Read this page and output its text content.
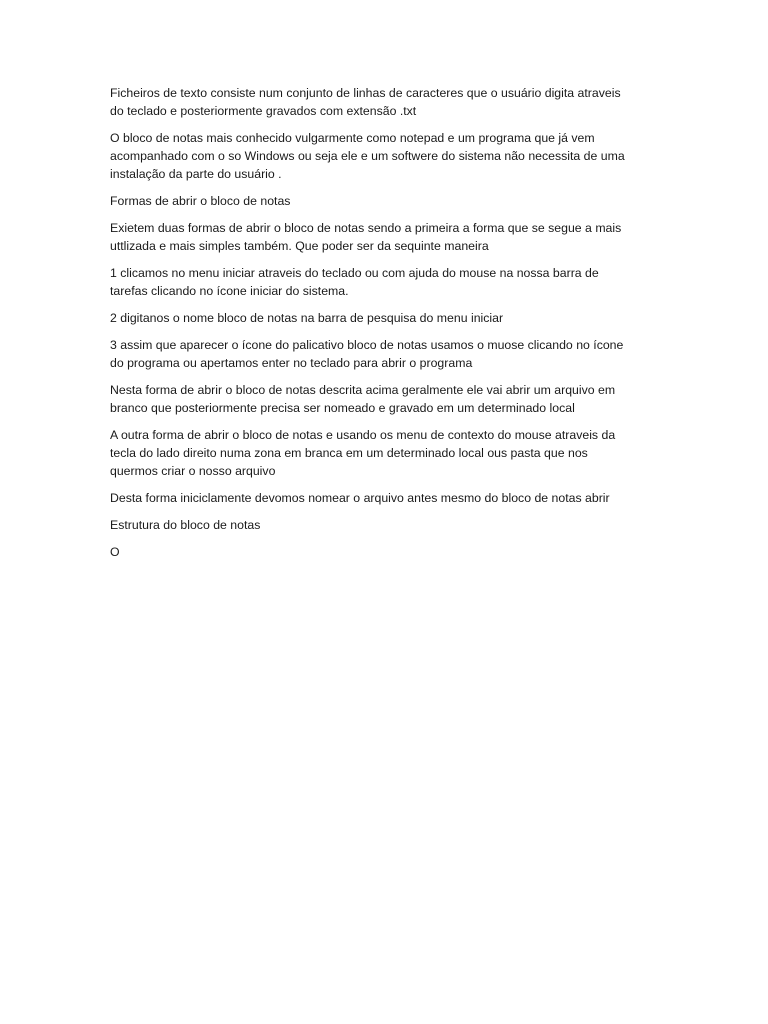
Ficheiros de texto consiste num conjunto de linhas de caracteres que o usuário digita atraveis
do teclado e posteriormente gravados com extensão .txt

O bloco de notas mais conhecido vulgarmente como notepad e um programa que já vem
acompanhado com o so Windows ou seja ele e um softwere do sistema não necessita de uma
instalação da parte do usuário .

Formas de abrir o bloco de notas

Exietem duas formas de abrir o bloco de notas sendo a primeira a forma que se segue a mais
uttlizada e mais simples também. Que poder ser da sequinte maneira

1 clicamos no menu iniciar atraveis do teclado ou com ajuda do mouse na nossa barra de
tarefas clicando no ícone iniciar do sistema.

2 digitanos o nome bloco de notas na barra de pesquisa do menu iniciar

3 assim que aparecer o ícone do palicativo bloco de notas usamos o muose clicando no ícone
do programa ou apertamos enter no teclado para abrir o programa

Nesta forma de abrir o bloco de notas descrita acima geralmente ele vai abrir um arquivo em
branco que posteriormente precisa ser nomeado e gravado em um determinado local

A outra forma de abrir o bloco de notas e usando os menu de contexto do mouse atraveis da
tecla do lado direito numa zona em branca em um determinado local ous pasta que nos
quermos criar o nosso arquivo

Desta forma iniciclamente devomos nomear o arquivo antes mesmo do bloco de notas abrir

Estrutura do bloco de notas

O
